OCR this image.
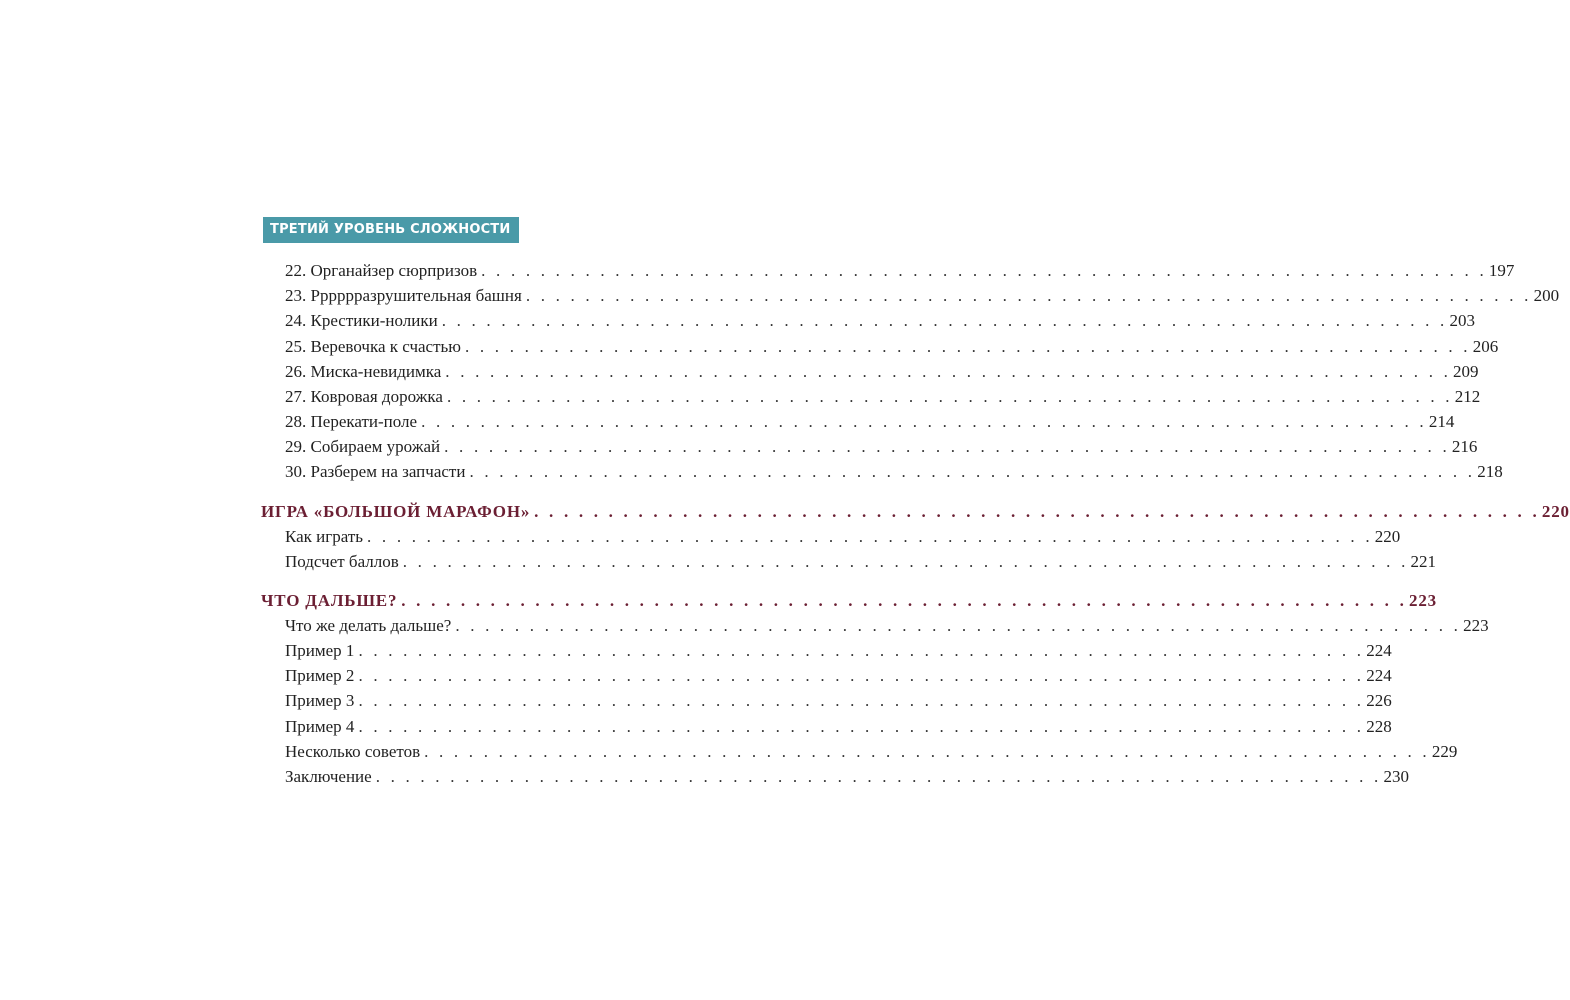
ТРЕТИЙ УРОВЕНЬ СЛОЖНОСТИ
22. Органайзер сюрпризов . . . . . . . . . . . . . . . . . . . . . . . . . . . . . . . . . . . . . . . . . . . . . . . . . . . . . . . . . . . . . . . . . . . . 197
23. Рррррразрушительная башня . . . . . . . . . . . . . . . . . . . . . . . . . . . . . . . . . . . . . . . . . . . . . . . . . . . . . . . . . . . . . . . . . . . . 200
24. Крестики-нолики . . . . . . . . . . . . . . . . . . . . . . . . . . . . . . . . . . . . . . . . . . . . . . . . . . . . . . . . . . . . . . . . . . . . 203
25. Веревочка к счастью . . . . . . . . . . . . . . . . . . . . . . . . . . . . . . . . . . . . . . . . . . . . . . . . . . . . . . . . . . . . . . . . . . . . 206
26. Миска-невидимка . . . . . . . . . . . . . . . . . . . . . . . . . . . . . . . . . . . . . . . . . . . . . . . . . . . . . . . . . . . . . . . . . . . . 209
27. Ковровая дорожка . . . . . . . . . . . . . . . . . . . . . . . . . . . . . . . . . . . . . . . . . . . . . . . . . . . . . . . . . . . . . . . . . . . . 212
28. Перекати-поле . . . . . . . . . . . . . . . . . . . . . . . . . . . . . . . . . . . . . . . . . . . . . . . . . . . . . . . . . . . . . . . . . . . . 214
29. Собираем урожай . . . . . . . . . . . . . . . . . . . . . . . . . . . . . . . . . . . . . . . . . . . . . . . . . . . . . . . . . . . . . . . . . . . . 216
30. Разберем на запчасти . . . . . . . . . . . . . . . . . . . . . . . . . . . . . . . . . . . . . . . . . . . . . . . . . . . . . . . . . . . . . . . . . . . . 218
ИГРА «БОЛЬШОЙ МАРАФОН» . . . . . . . . . . . . . . . . . . . . . . . . . . . . . . . . . . . . . . . . . . . . . . . . . . . . . . . . . . . . . . . . . . . . 220
Как играть . . . . . . . . . . . . . . . . . . . . . . . . . . . . . . . . . . . . . . . . . . . . . . . . . . . . . . . . . . . . . . . . . . . . 220
Подсчет баллов . . . . . . . . . . . . . . . . . . . . . . . . . . . . . . . . . . . . . . . . . . . . . . . . . . . . . . . . . . . . . . . . . . . . 221
ЧТО ДАЛЬШЕ? . . . . . . . . . . . . . . . . . . . . . . . . . . . . . . . . . . . . . . . . . . . . . . . . . . . . . . . . . . . . . . . . . . . . 223
Что же делать дальше? . . . . . . . . . . . . . . . . . . . . . . . . . . . . . . . . . . . . . . . . . . . . . . . . . . . . . . . . . . . . . . . . . . . . 223
Пример 1 . . . . . . . . . . . . . . . . . . . . . . . . . . . . . . . . . . . . . . . . . . . . . . . . . . . . . . . . . . . . . . . . . . . . 224
Пример 2 . . . . . . . . . . . . . . . . . . . . . . . . . . . . . . . . . . . . . . . . . . . . . . . . . . . . . . . . . . . . . . . . . . . . 224
Пример 3 . . . . . . . . . . . . . . . . . . . . . . . . . . . . . . . . . . . . . . . . . . . . . . . . . . . . . . . . . . . . . . . . . . . . 226
Пример 4 . . . . . . . . . . . . . . . . . . . . . . . . . . . . . . . . . . . . . . . . . . . . . . . . . . . . . . . . . . . . . . . . . . . . 228
Несколько советов . . . . . . . . . . . . . . . . . . . . . . . . . . . . . . . . . . . . . . . . . . . . . . . . . . . . . . . . . . . . . . . . . . . . 229
Заключение . . . . . . . . . . . . . . . . . . . . . . . . . . . . . . . . . . . . . . . . . . . . . . . . . . . . . . . . . . . . . . . . . . . . 230
